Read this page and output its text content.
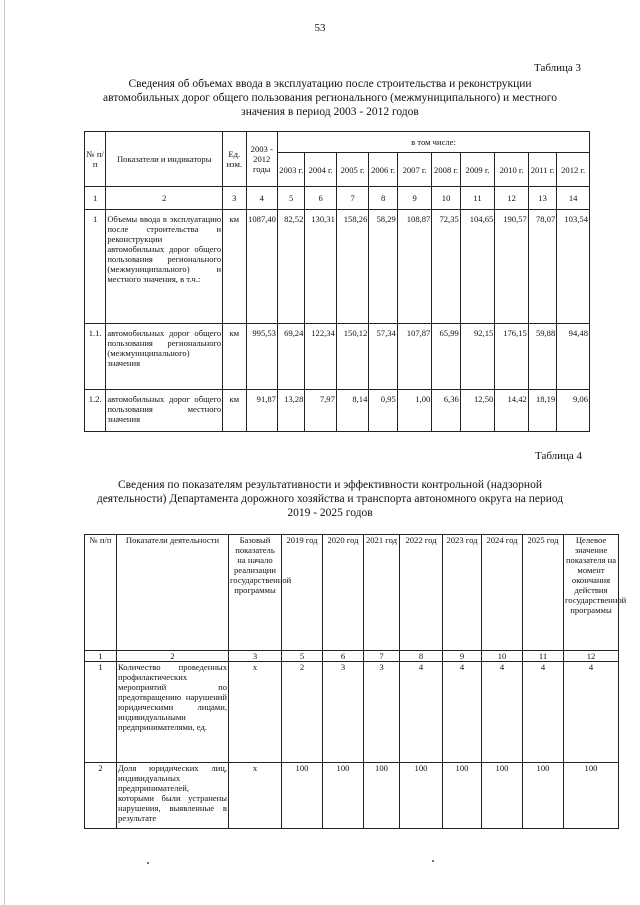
53
Таблица 3
Сведения об объемах ввода в эксплуатацию после строительства и реконструкции
автомобильных дорог общего пользования регионального (межмуниципального) и местного
значения в период 2003 - 2012 годов
№ п/п	Показатели и индикаторы	Ед. изм.	2003 - 2012 годы	в том числе:									
				2003 г.	2004 г.	2005 г.	2006 г.	2007 г.	2008 г.	2009 г.	2010 г.	2011 г.	2012 г.
1	2	3	4	5	6	7	8	9	10	11	12	13	14
1	Объемы ввода в эксплуатацию после строительства и реконструкции автомобильных дорог общего пользования регионального (межмуниципального) и местного значения, в т.ч.:	км	1087,40	82,52	130,31	158,26	58,29	108,87	72,35	104,65	190,57	78,07	103,54
1.1.	автомобильных дорог общего пользования регионального (межмуниципального) значения	км	995,53	69,24	122,34	150,12	57,34	107,87	65,99	92,15	176,15	59,88	94,48
1.2.	автомобильных дорог общего пользования местного значения	км	91,87	13,28	7,97	8,14	0,95	1,00	6,36	12,50	14,42	18,19	9,06
Таблица 4
Сведения по показателям результативности и эффективности контрольной (надзорной
деятельности) Департамента дорожного хозяйства и транспорта автономного округа на период
2019 - 2025 годов
№ п/п	Показатели деятельности	Базовый показатель на начало реализации государственной программы	2019 год	2020 год	2021 год	2022 год	2023 год	2024 год	2025 год	Целевое значение показателя на момент окончания действия государственной программы
1	2	3	5	6	7	8	9	10	11	12
1	Количество проведенных профилактических мероприятий по предотвращению нарушений юридическими лицами, индивидуальными предпринимателями, ед.	х	2	3	3	4	4	4	4	4
2	Доля юридических лиц, индивидуальных предпринимателей, которыми были устранены нарушения, выявленные в результате	х	100	100	100	100	100	100	100	100
